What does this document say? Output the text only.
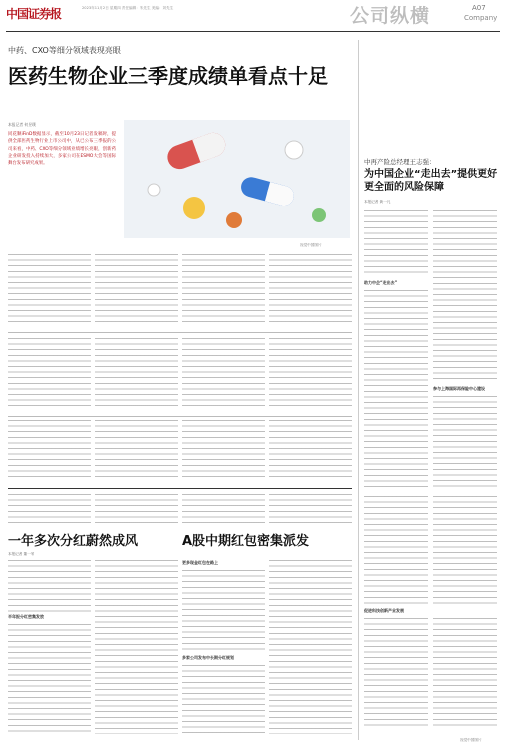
中国证券报	2023年11月2日 星期四 责任编辑：朱先生 美编：刘先生	公司纵横	A07
Company
中药、CXO等细分领域表现亮眼
医药生物企业三季度成绩单看点十足
本报记者 何昱璞
同花顺iFinD数据显示，截至10月23日记者发稿时，提供全部医药生物行业上市公司中，从已公布三季报的公司来看，中药、CXO等细分领域业绩增长亮眼，创新药企业研发投入持续加大，多家公司在ESMO大会等国际舞台发布研究成果。
视觉中国图片
中再产险总经理王志强：
为中国企业“走出去”提供更好更全面的风险保障
本报记者 黄一凡
助力中企“走出去”
参与上海国际再保险中心建设
促进科技创新产业发展
一年多次分红蔚然成风	A股中期红包密集派发
本报记者 董一苇
半年报分红密集发放
更多现金红包在路上
多家公司发布中长期分红规划
视觉中国图片
